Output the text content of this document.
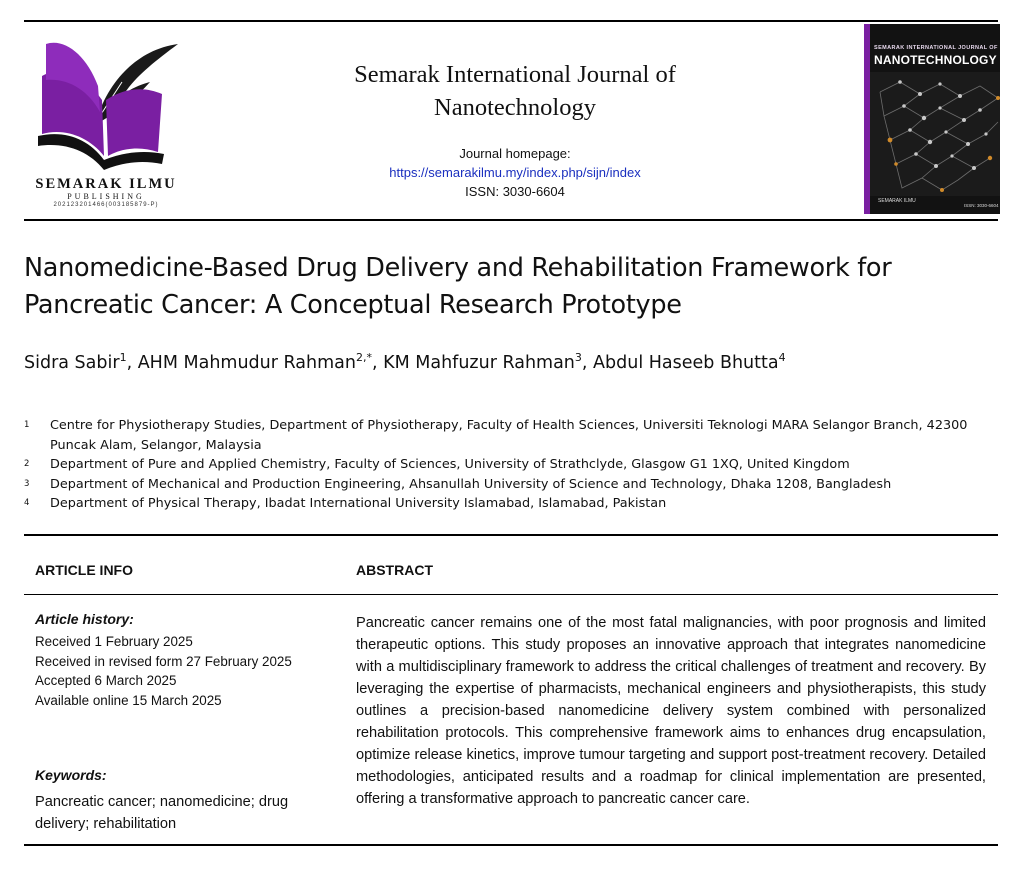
SEMARAK ILMU
PUBLISHING
202123201466(003185879-P)
Semarak International Journal of
Nanotechnology
Journal homepage:
https://semarakilmu.my/index.php/sijn/index
ISSN: 3030-6604
SEMARAK INTERNATIONAL JOURNAL OF
NANOTECHNOLOGY
SEMARAK ILMU
ISSN: 3030-6604
Nanomedicine-Based Drug Delivery and Rehabilitation Framework for
Pancreatic Cancer: A Conceptual Research Prototype
Sidra Sabir$^1$, AHM Mahmudur Rahman$^{2,*}$, KM Mahfuzur Rahman$^3$, Abdul Haseeb Bhutta$^4$
1 Centre for Physiotherapy Studies, Department of Physiotherapy, Faculty of Health Sciences, Universiti Teknologi MARA Selangor Branch, 42300 Puncak Alam, Selangor, Malaysia
2 Department of Pure and Applied Chemistry, Faculty of Sciences, University of Strathclyde, Glasgow G1 1XQ, United Kingdom
3 Department of Mechanical and Production Engineering, Ahsanullah University of Science and Technology, Dhaka 1208, Bangladesh
4 Department of Physical Therapy, Ibadat International University Islamabad, Islamabad, Pakistan
ARTICLE INFO	ABSTRACT
Article history:
Received 1 February 2025
Received in revised form 27 February 2025
Accepted 6 March 2025
Available online 15 March 2025
Keywords:
Pancreatic cancer; nanomedicine; drug delivery; rehabilitation
Pancreatic cancer remains one of the most fatal malignancies, with poor prognosis and limited therapeutic options. This study proposes an innovative approach that integrates nanomedicine with a multidisciplinary framework to address the critical challenges of treatment and recovery. By leveraging the expertise of pharmacists, mechanical engineers and physiotherapists, this study outlines a precision-based nanomedicine delivery system combined with personalized rehabilitation protocols. This comprehensive framework aims to enhances drug encapsulation, optimize release kinetics, improve tumour targeting and support post-treatment recovery. Detailed methodologies, anticipated results and a roadmap for clinical implementation are presented, offering a transformative approach to pancreatic cancer care.
